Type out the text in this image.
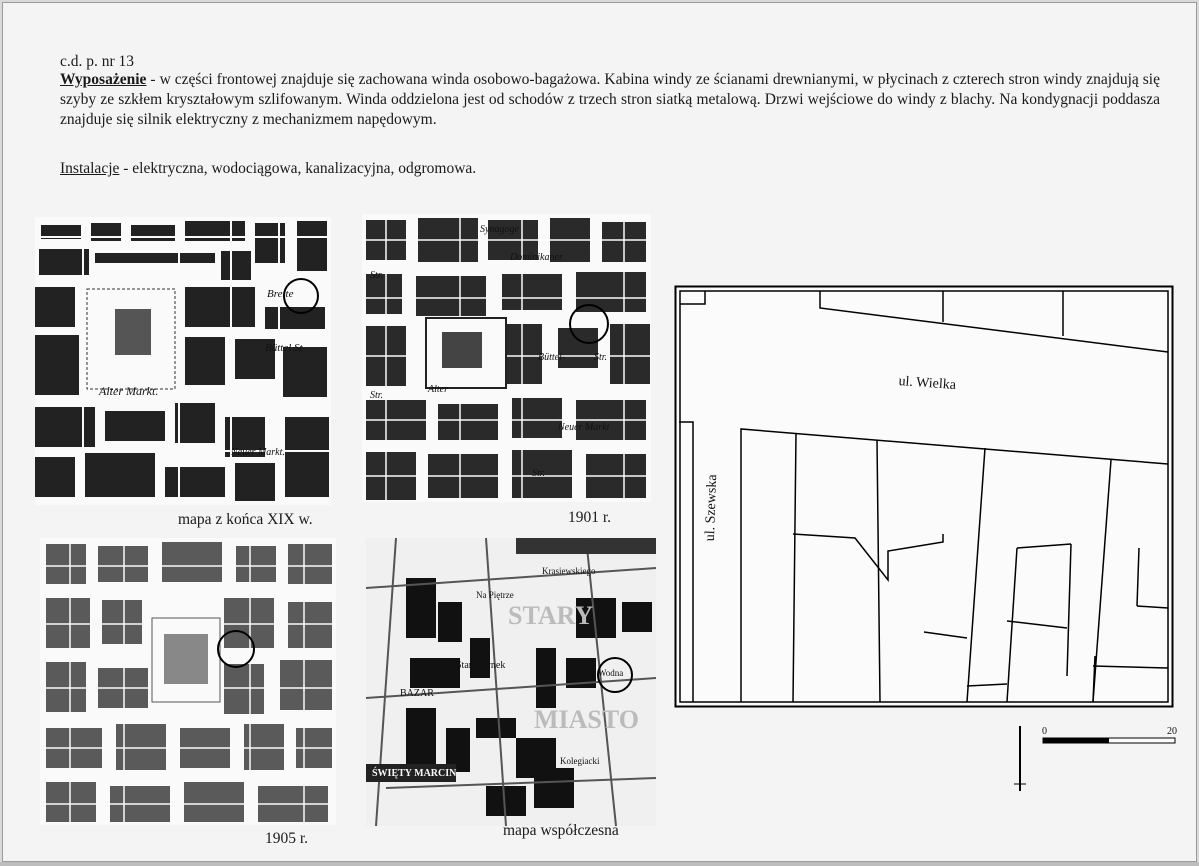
c.d. p. nr 13
Wyposażenie - w części frontowej znajduje się zachowana winda osobowo-bagażowa. Kabina windy ze ścianami drewnianymi, w płycinach z czterech stron windy znajdują się szyby ze szkłem kryształowym szlifowanym. Winda oddzielona jest od schodów z trzech stron siatką metalową. Drzwi wejściowe do windy z blachy. Na kondygnacji poddasza znajduje się silnik elektryczny z mechanizmem napędowym.
Instalacje - elektryczna, wodociągowa, kanalizacyjna, odgromowa.
Alter Markt.
Breite
Büttel St
Neuer Markt.
mapa z końca XIX w.
Synagoge
Dominikaner
Str.
Büttel-	Str.
Alter
Str.
Neuer Markt
Str.
1901 r.
1905 r.
STARY
MIASTO
BAZAR
Stary Rynek
Park
Na Piętrze
Krasiewskiego
Kolegiacki
Wodna
ŚWIĘTY MARCIN
mapa współczesna
ul. Wielka
ul. Szewska
0	20
